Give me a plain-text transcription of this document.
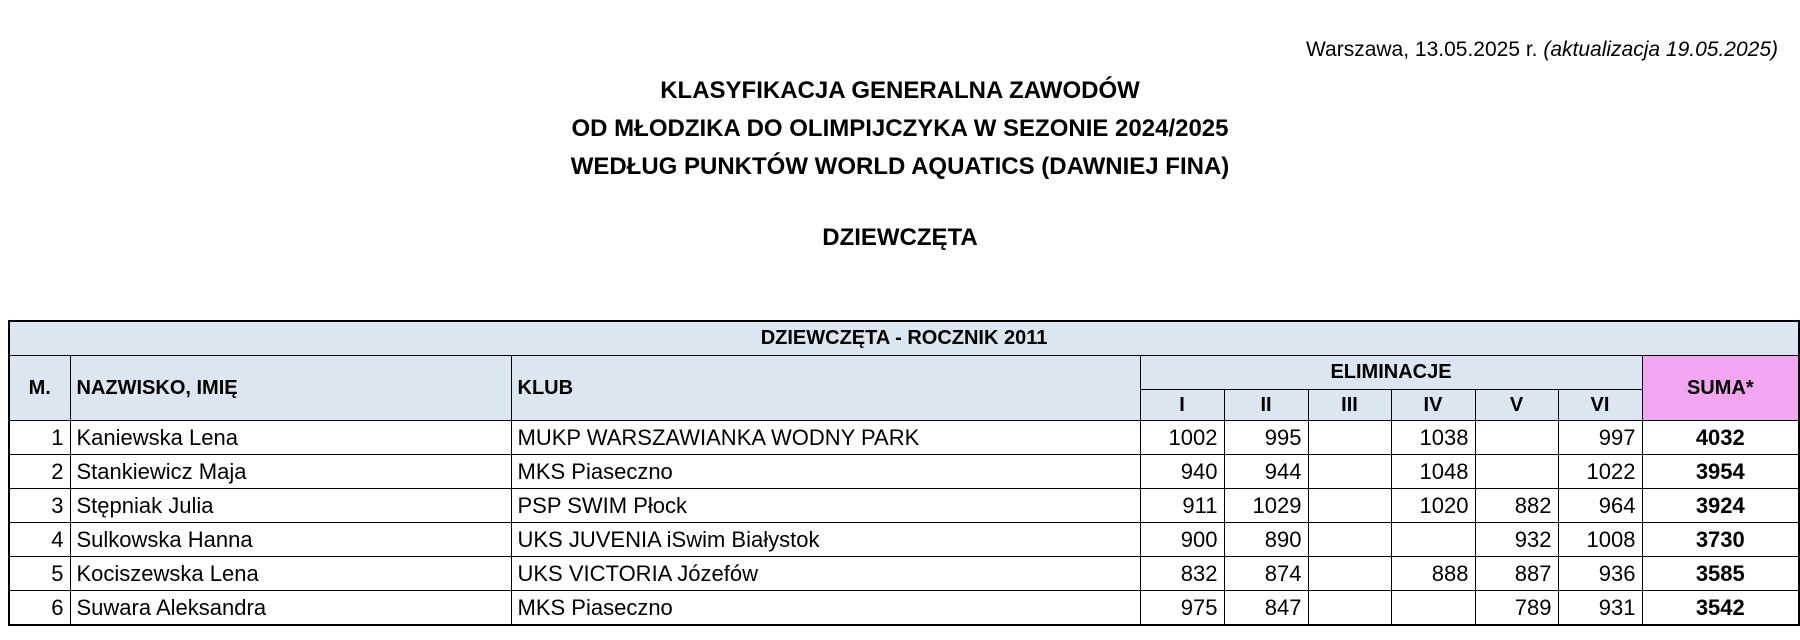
Warszawa, 13.05.2025 r. (aktualizacja 19.05.2025)
KLASYFIKACJA GENERALNA ZAWODÓW
OD MŁODZIKA DO OLIMPIJCZYKA W SEZONIE 2024/2025
WEDŁUG PUNKTÓW WORLD AQUATICS (DAWNIEJ FINA)
DZIEWCZĘTA
DZIEWCZĘTA - ROCZNIK 2011									
M.	NAZWISKO, IMIĘ	KLUB	ELIMINACJE						SUMA*
			I	II	III	IV	V	VI	
1	Kaniewska Lena	MUKP WARSZAWIANKA WODNY PARK	1002	995		1038		997	4032
2	Stankiewicz Maja	MKS Piaseczno	940	944		1048		1022	3954
3	Stępniak Julia	PSP SWIM Płock	911	1029		1020	882	964	3924
4	Sulkowska Hanna	UKS JUVENIA iSwim Białystok	900	890			932	1008	3730
5	Kociszewska Lena	UKS VICTORIA Józefów	832	874		888	887	936	3585
6	Suwara Aleksandra	MKS Piaseczno	975	847			789	931	3542
